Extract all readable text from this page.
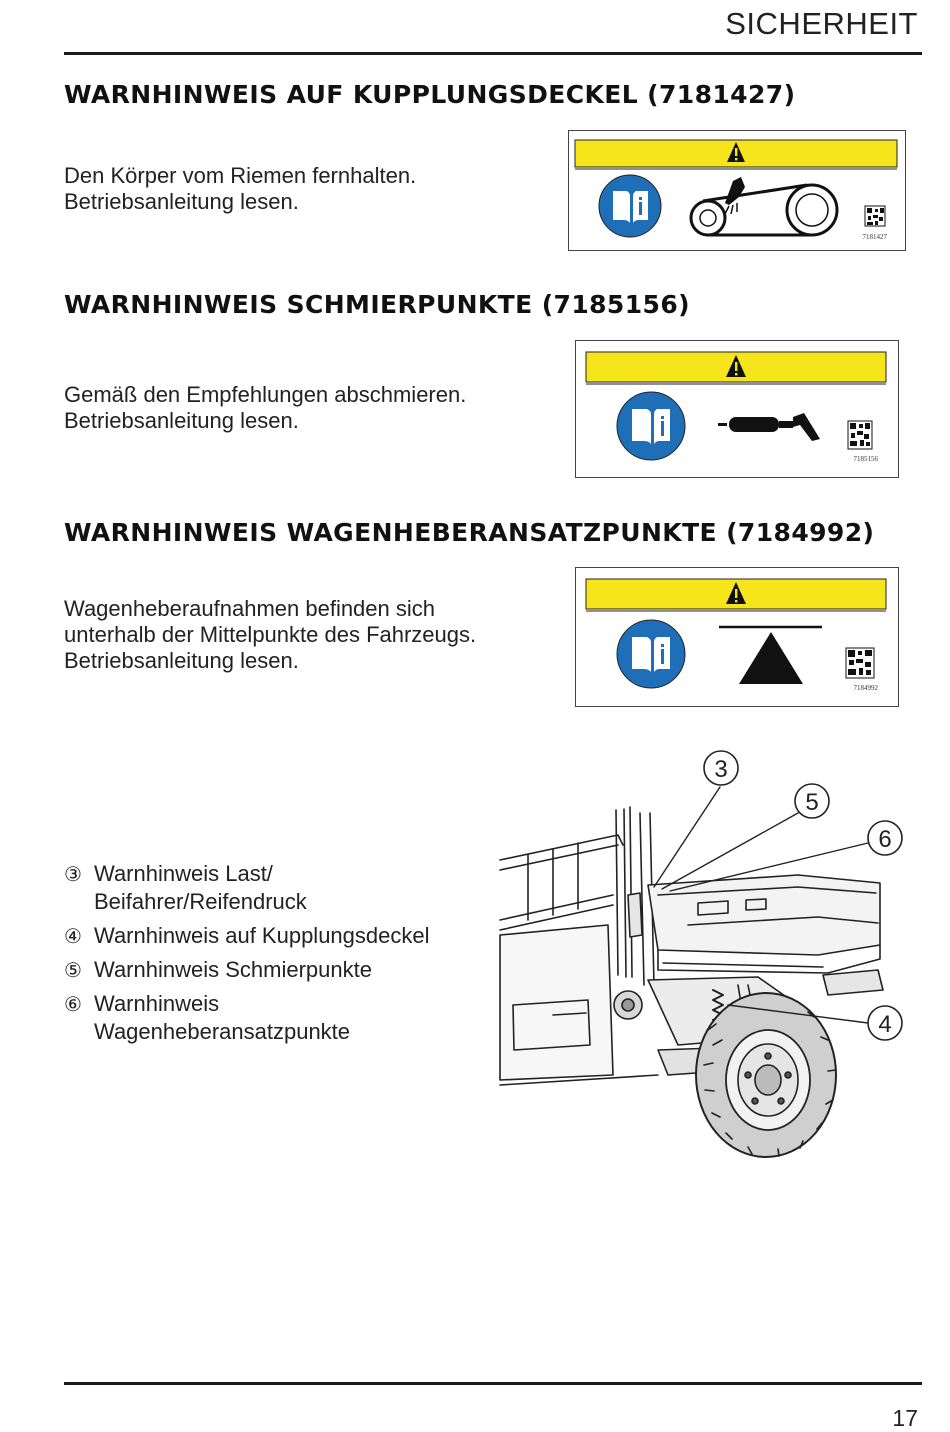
SICHERHEIT
WARNHINWEIS AUF KUPPLUNGSDECKEL (7181427)
Den Körper vom Riemen fernhalten.
Betriebsanleitung lesen.
7181427
WARNHINWEIS SCHMIERPUNKTE (7185156)
Gemäß den Empfehlungen abschmieren.
Betriebsanleitung lesen.
7185156
WARNHINWEIS WAGENHEBERANSATZPUNKTE (7184992)
Wagenheberaufnahmen befinden sich
unterhalb der Mittelpunkte des Fahrzeugs.
Betriebsanleitung lesen.
7184992
③ Warnhinweis Last/
Beifahrer/Reifendruck
④ Warnhinweis auf Kupplungsdeckel
⑤ Warnhinweis Schmierpunkte
⑥ Warnhinweis
Wagenheberansatzpunkte
3
5
6
4
17
